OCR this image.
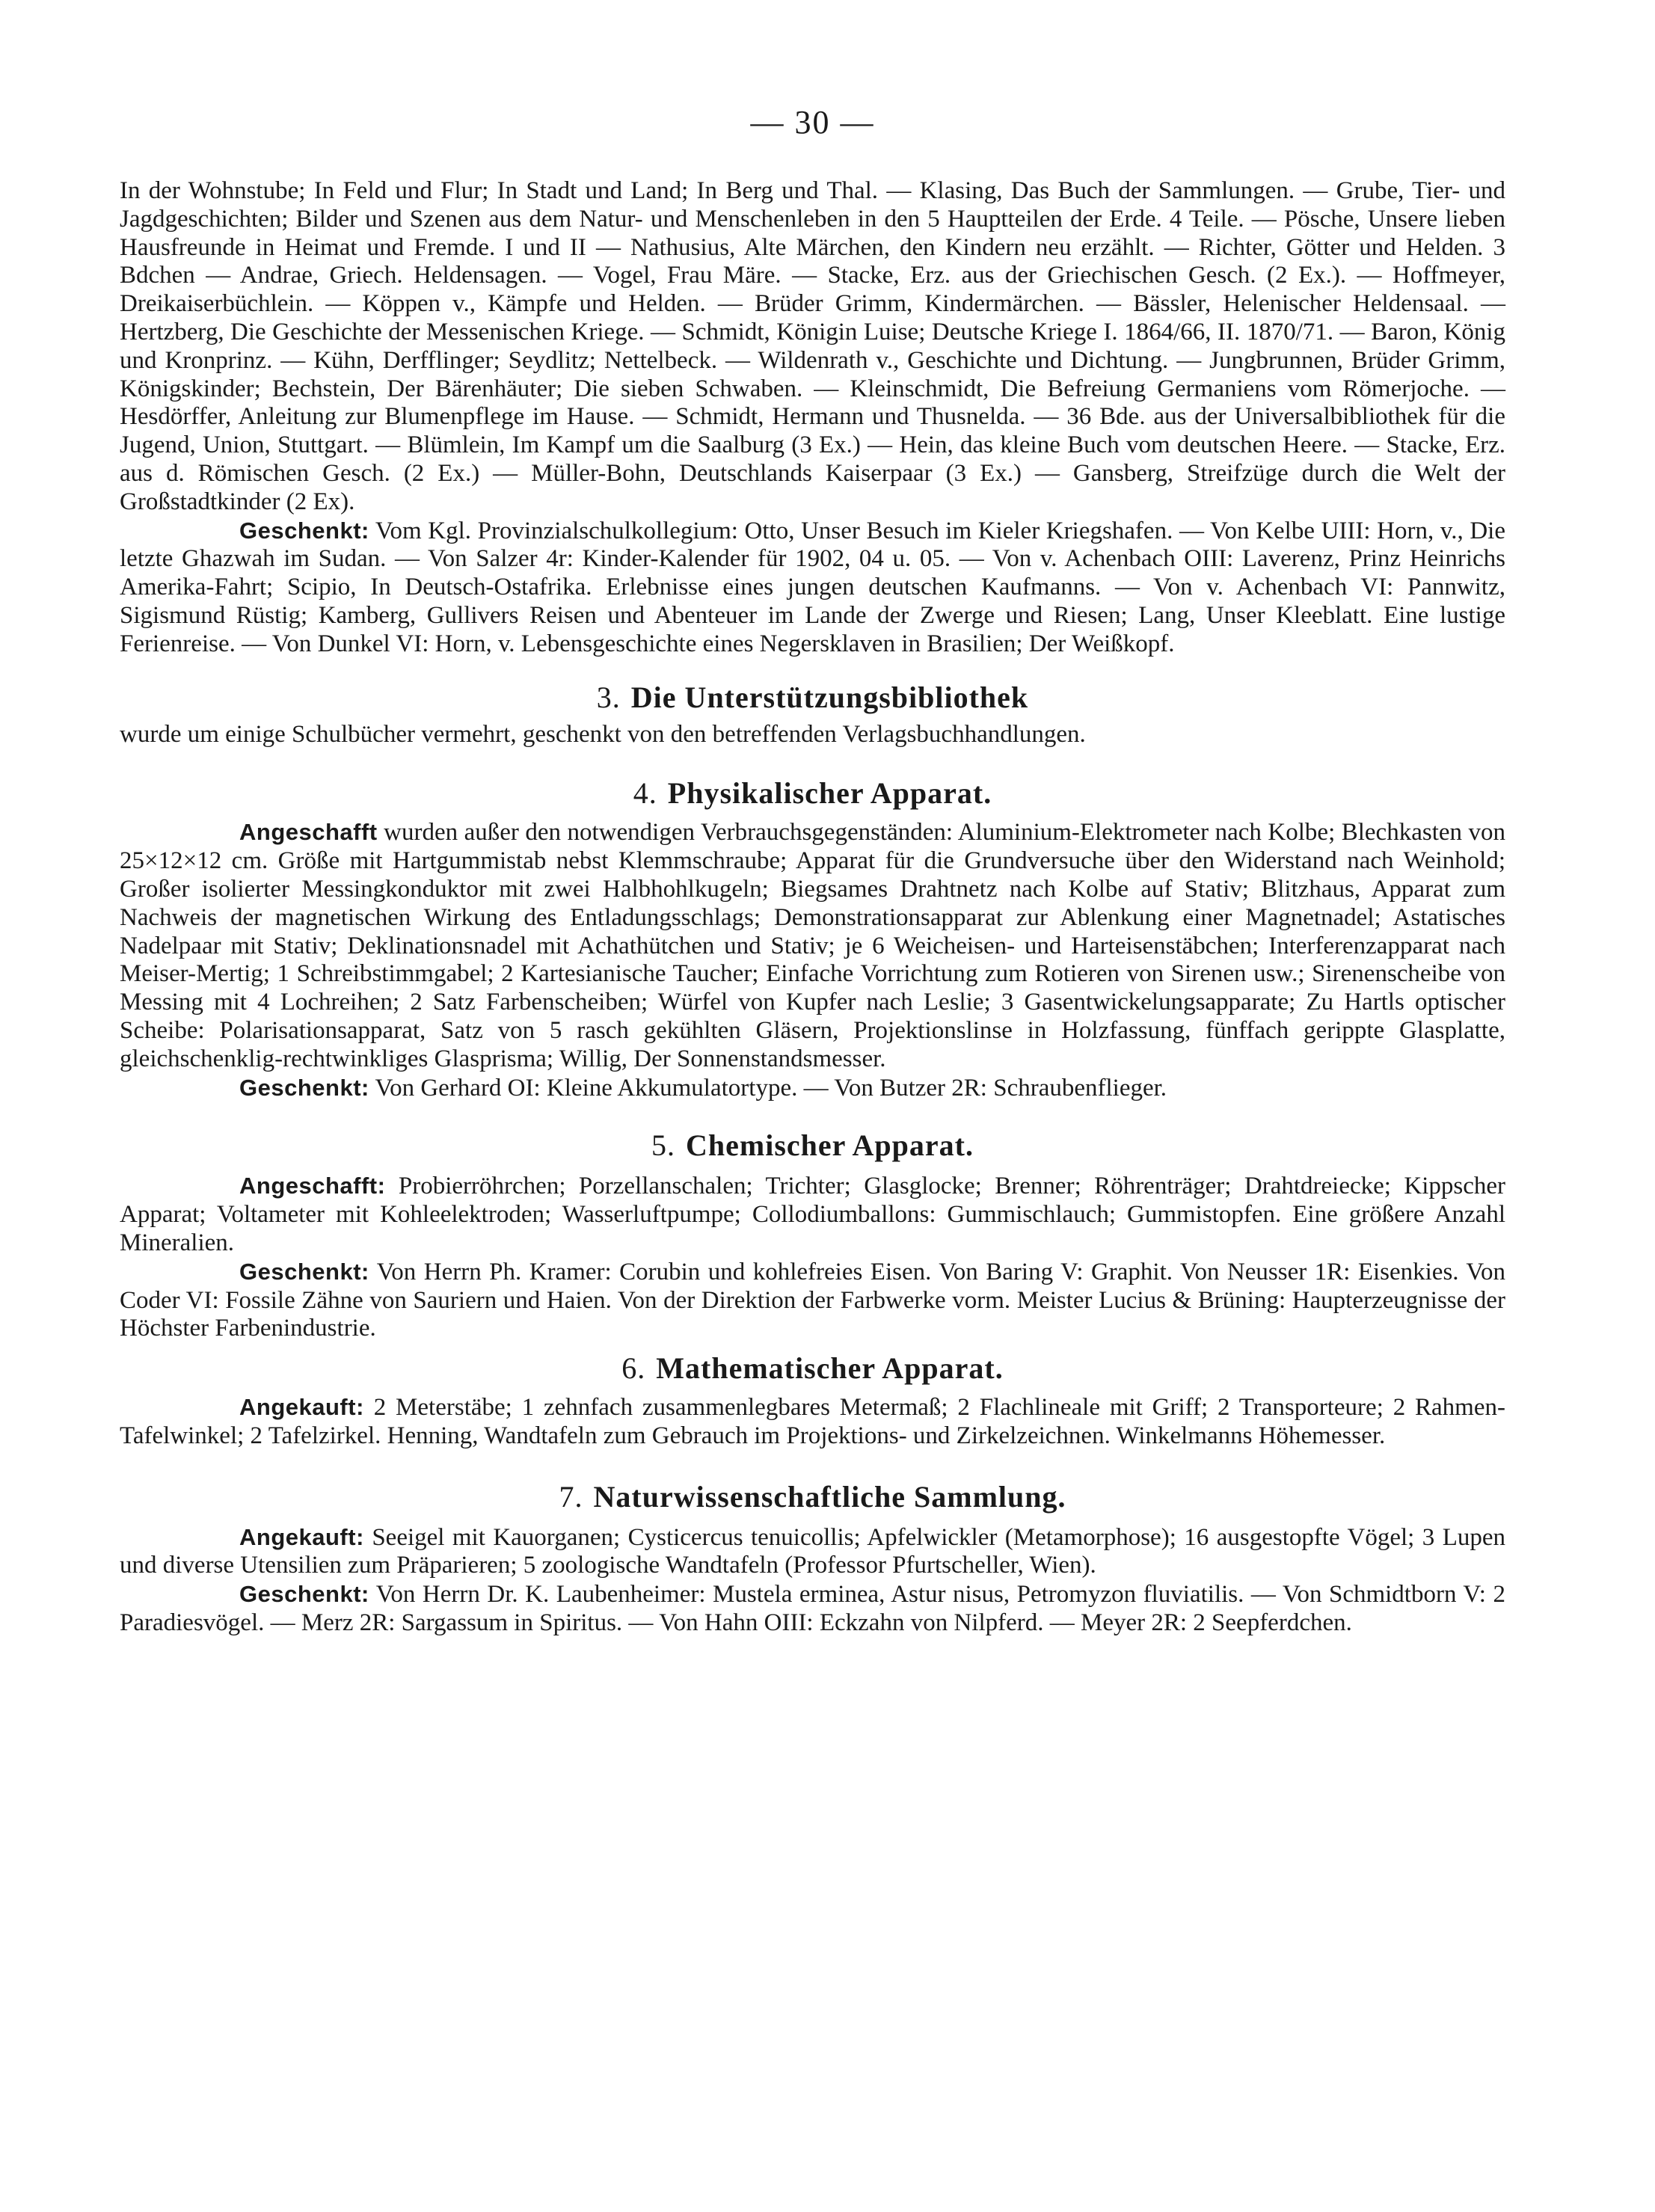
— 30 —

In der Wohnstube; In Feld und Flur; In Stadt und Land; In Berg und Thal. — Klasing, Das Buch der Sammlungen. — Grube, Tier- und Jagdgeschichten; Bilder und Szenen aus dem Natur- und Menschenleben in den 5 Hauptteilen der Erde. 4 Teile. — Pösche, Unsere lieben Hausfreunde in Heimat und Fremde. I und II — Nathusius, Alte Märchen, den Kindern neu erzählt. — Richter, Götter und Helden. 3 Bdchen — Andrae, Griech. Heldensagen. — Vogel, Frau Märe. — Stacke, Erz. aus der Griechischen Gesch. (2 Ex.). — Hoffmeyer, Dreikaiserbüchlein. — Köppen v., Kämpfe und Helden. — Brüder Grimm, Kindermärchen. — Bässler, Helenischer Heldensaal. — Hertzberg, Die Geschichte der Messenischen Kriege. — Schmidt, Königin Luise; Deutsche Kriege I. 1864/66, II. 1870/71. — Baron, König und Kronprinz. — Kühn, Derfflinger; Seydlitz; Nettelbeck. — Wildenrath v., Geschichte und Dichtung. — Jungbrunnen, Brüder Grimm, Königskinder; Bechstein, Der Bärenhäuter; Die sieben Schwaben. — Kleinschmidt, Die Befreiung Germaniens vom Römerjoche. — Hesdörffer, Anleitung zur Blumenpflege im Hause. — Schmidt, Hermann und Thusnelda. — 36 Bde. aus der Universalbibliothek für die Jugend, Union, Stuttgart. — Blümlein, Im Kampf um die Saalburg (3 Ex.) — Hein, das kleine Buch vom deutschen Heere. — Stacke, Erz. aus d. Römischen Gesch. (2 Ex.) — Müller-Bohn, Deutschlands Kaiserpaar (3 Ex.) — Gansberg, Streifzüge durch die Welt der Großstadtkinder (2 Ex).

Geschenkt: Vom Kgl. Provinzialschulkollegium: Otto, Unser Besuch im Kieler Kriegshafen. — Von Kelbe UIII: Horn, v., Die letzte Ghazwah im Sudan. — Von Salzer 4r: Kinder-Kalender für 1902, 04 u. 05. — Von v. Achenbach OIII: Laverenz, Prinz Heinrichs Amerika-Fahrt; Scipio, In Deutsch-Ostafrika. Erlebnisse eines jungen deutschen Kaufmanns. — Von v. Achenbach VI: Pannwitz, Sigismund Rüstig; Kamberg, Gullivers Reisen und Abenteuer im Lande der Zwerge und Riesen; Lang, Unser Kleeblatt. Eine lustige Ferienreise. — Von Dunkel VI: Horn, v. Lebensgeschichte eines Negersklaven in Brasilien; Der Weißkopf.

3. Die Unterstützungsbibliothek

wurde um einige Schulbücher vermehrt, geschenkt von den betreffenden Verlagsbuchhandlungen.

4. Physikalischer Apparat.

Angeschafft wurden außer den notwendigen Verbrauchsgegenständen: Aluminium-Elektrometer nach Kolbe; Blechkasten von 25×12×12 cm. Größe mit Hartgummistab nebst Klemmschraube; Apparat für die Grundversuche über den Widerstand nach Weinhold; Großer isolierter Messingkonduktor mit zwei Halbhohlkugeln; Biegsames Drahtnetz nach Kolbe auf Stativ; Blitzhaus, Apparat zum Nachweis der magnetischen Wirkung des Entladungsschlags; Demonstrationsapparat zur Ablenkung einer Magnetnadel; Astatisches Nadelpaar mit Stativ; Deklinationsnadel mit Achathütchen und Stativ; je 6 Weicheisen- und Harteisenstäbchen; Interferenzapparat nach Meiser-Mertig; 1 Schreibstimmgabel; 2 Kartesianische Taucher; Einfache Vorrichtung zum Rotieren von Sirenen usw.; Sirenenscheibe von Messing mit 4 Lochreihen; 2 Satz Farbenscheiben; Würfel von Kupfer nach Leslie; 3 Gasentwickelungsapparate; Zu Hartls optischer Scheibe: Polarisationsapparat, Satz von 5 rasch gekühlten Gläsern, Projektionslinse in Holzfassung, fünffach gerippte Glasplatte, gleichschenklig-rechtwinkliges Glasprisma; Willig, Der Sonnenstandsmesser.

Geschenkt: Von Gerhard OI: Kleine Akkumulatortype. — Von Butzer 2R: Schraubenflieger.

5. Chemischer Apparat.

Angeschafft: Probierröhrchen; Porzellanschalen; Trichter; Glasglocke; Brenner; Röhrenträger; Drahtdreiecke; Kippscher Apparat; Voltameter mit Kohleelektroden; Wasserluftpumpe; Collodiumballons: Gummischlauch; Gummistopfen. Eine größere Anzahl Mineralien.

Geschenkt: Von Herrn Ph. Kramer: Corubin und kohlefreies Eisen. Von Baring V: Graphit. Von Neusser 1R: Eisenkies. Von Coder VI: Fossile Zähne von Sauriern und Haien. Von der Direktion der Farbwerke vorm. Meister Lucius & Brüning: Haupterzeugnisse der Höchster Farbenindustrie.

6. Mathematischer Apparat.

Angekauft: 2 Meterstäbe; 1 zehnfach zusammenlegbares Metermaß; 2 Flachlineale mit Griff; 2 Transporteure; 2 Rahmen-Tafelwinkel; 2 Tafelzirkel. Henning, Wandtafeln zum Gebrauch im Projektions- und Zirkelzeichnen. Winkelmanns Höhemesser.

7. Naturwissenschaftliche Sammlung.

Angekauft: Seeigel mit Kauorganen; Cysticercus tenuicollis; Apfelwickler (Metamorphose); 16 ausgestopfte Vögel; 3 Lupen und diverse Utensilien zum Präparieren; 5 zoologische Wandtafeln (Professor Pfurtscheller, Wien).

Geschenkt: Von Herrn Dr. K. Laubenheimer: Mustela erminea, Astur nisus, Petromyzon fluviatilis. — Von Schmidtborn V: 2 Paradiesvögel. — Merz 2R: Sargassum in Spiritus. — Von Hahn OIII: Eckzahn von Nilpferd. — Meyer 2R: 2 Seepferdchen.
